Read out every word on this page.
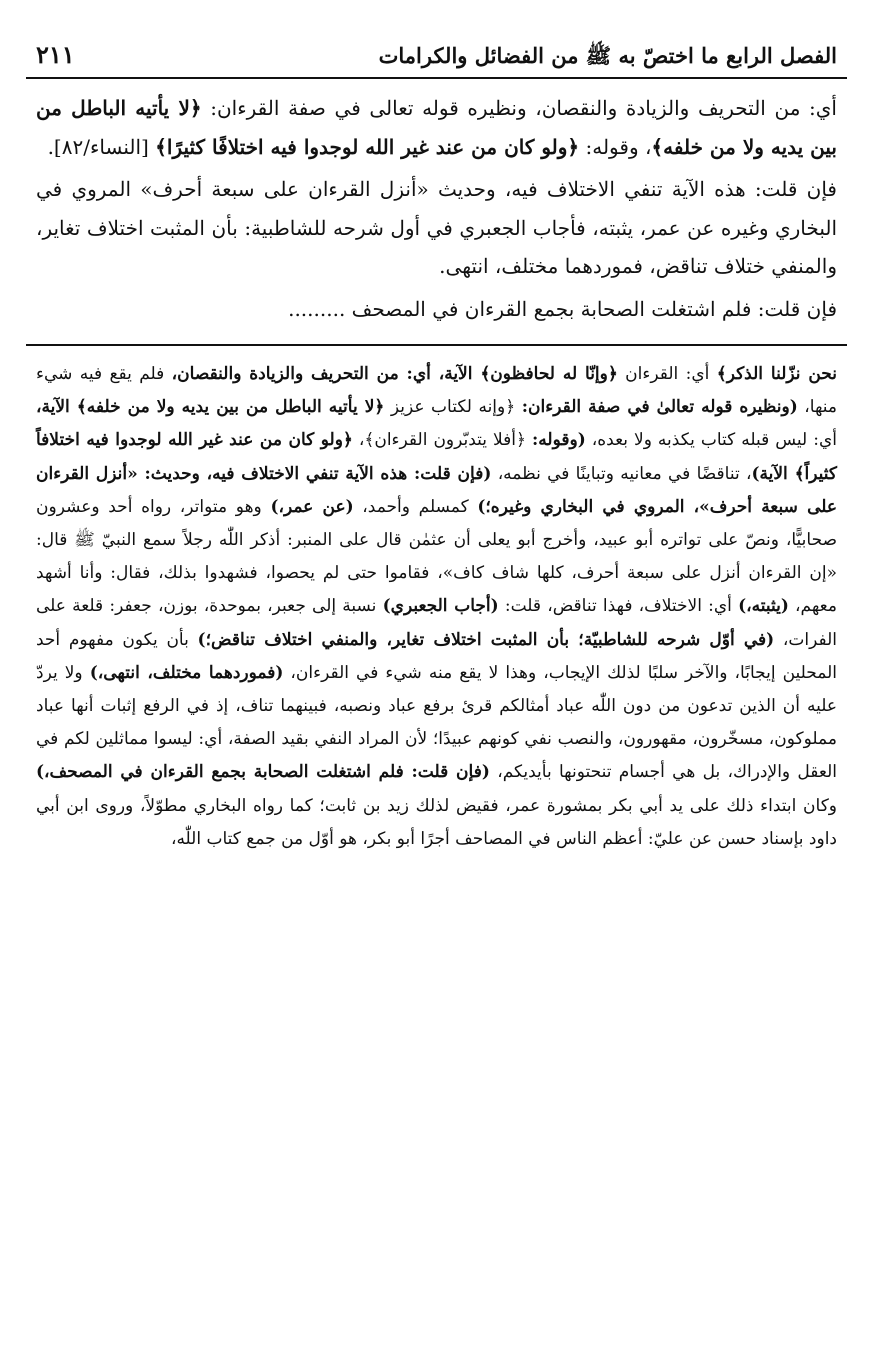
الفصل الرابع ما اختصّ به ﷺ من الفضائل والكرامات
٢١١

أي: من التحريف والزيادة والنقصان، ونظيره قوله تعالى في صفة القرءان: ﴿لا يأتيه الباطل من بين يديه ولا من خلفه﴾، وقوله: ﴿ولو كان من عند غير الله لوجدوا فيه اختلافًا كثيرًا﴾ [النساء/٨٢].

فإن قلت: هذه الآية تنفي الاختلاف فيه، وحديث «أنزل القرءان على سبعة أحرف» المروي في البخاري وغيره عن عمر، يثبته، فأجاب الجعبري في أول شرحه للشاطبية: بأن المثبت اختلاف تغاير، والمنفي ختلاف تناقض، فموردهما مختلف، انتهى.

فإن قلت: فلم اشتغلت الصحابة بجمع القرءان في المصحف .........

نحن نزّلنا الذكر﴾ أي: القرءان ﴿وإنّا له لحافظون﴾ الآية، أي: من التحريف والزيادة والنقصان، فلم يقع فيه شيء منها، (ونظيره قوله تعالىٰ في صفة القرءان: ﴿وإنه لكتاب عزيز ﴿لا يأتيه الباطل من بين يديه ولا من خلفه﴾ الآية، أي: ليس قبله كتاب يكذبه ولا بعده، (وقوله: ﴿أفلا يتدبّرون القرءان﴾، ﴿ولو كان من عند غير الله لوجدوا فيه اختلافاً كثيراً﴾ الآية)، تناقضًا في معانيه وتباينًا في نظمه، (فإن قلت: هذه الآية تنفي الاختلاف فيه، وحديث: «أنزل القرءان على سبعة أحرف»، المروي في البخاري وغيره؛) كمسلم وأحمد، (عن عمر،) وهو متواتر، رواه أحد وعشرون صحابيًّا، ونصّ على تواتره أبو عبيد، وأخرج أبو يعلى أن عثمٰن قال على المنبر: أذكر اللّٰه رجلاً سمع النبيّ ﷺ قال: «إن القرءان أنزل على سبعة أحرف، كلها شاف كاف»، فقاموا حتى لم يحصوا، فشهدوا بذلك، فقال: وأنا أشهد معهم، (يثبته،) أي: الاختلاف، فهذا تناقض، قلت: (أجاب الجعبري) نسبة إلى جعبر، بموحدة، بوزن، جعفر: قلعة على الفرات، (في أوّل شرحه للشاطبيّة؛ بأن المثبت اختلاف تغاير، والمنفي اختلاف تناقض؛) بأن يكون مفهوم أحد المحلين إيجابًا، والآخر سلبًا لذلك الإيجاب، وهذا لا يقع منه شيء في القرءان، (فموردهما مختلف، انتهى،) ولا يردّ عليه أن الذين تدعون من دون اللّٰه عباد أمثالكم قرئ برفع عباد ونصبه، فبينهما تناف، إذ في الرفع إثبات أنها عباد مملوكون، مسخّرون، مقهورون، والنصب نفي كونهم عبيدًا؛ لأن المراد النفي بقيد الصفة، أي: ليسوا مماثلين لكم في العقل والإدراك، بل هي أجسام تنحتونها بأيديكم، (فإن قلت: فلم اشتغلت الصحابة بجمع القرءان في المصحف،) وكان ابتداء ذلك على يد أبي بكر بمشورة عمر، فقيض لذلك زيد بن ثابت؛ كما رواه البخاري مطوّلاً، وروى ابن أبي داود بإسناد حسن عن عليّ: أعظم الناس في المصاحف أجرًا أبو بكر، هو أوّل من جمع كتاب اللّٰه،
